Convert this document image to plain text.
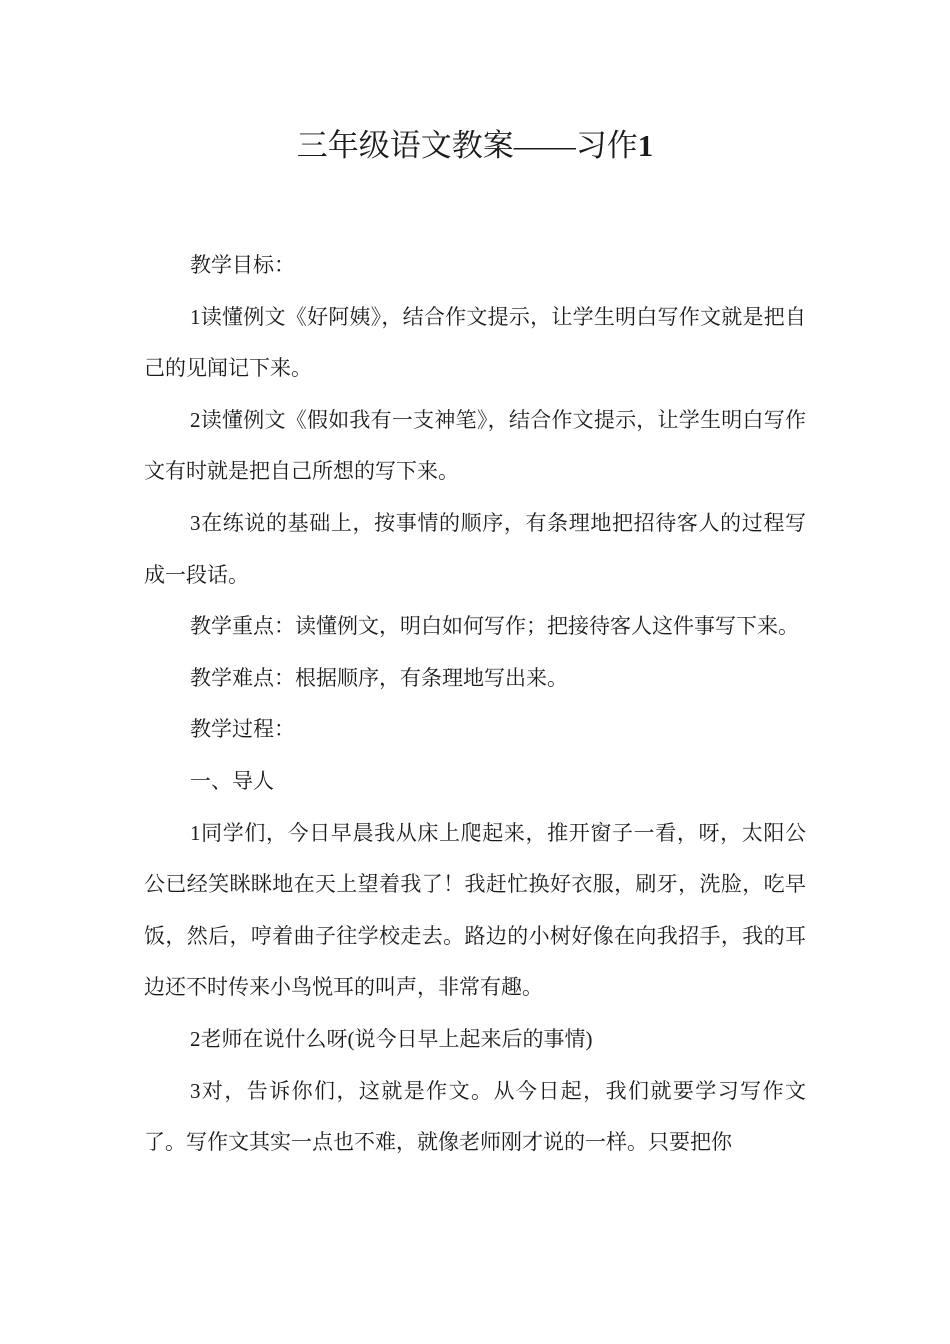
三年级语文教案——习作1

教学目标：

1读懂例文《好阿姨》，结合作文提示，让学生明白写作文就是把自己的见闻记下来。

2读懂例文《假如我有一支神笔》，结合作文提示，让学生明白写作文有时就是把自己所想的写下来。

3在练说的基础上，按事情的顺序，有条理地把招待客人的过程写成一段话。

教学重点：读懂例文，明白如何写作；把接待客人这件事写下来。

教学难点：根据顺序，有条理地写出来。

教学过程：

一、导人

1同学们，今日早晨我从床上爬起来，推开窗子一看，呀，太阳公公已经笑眯眯地在天上望着我了！我赶忙换好衣服，刷牙，洗脸，吃早饭，然后，哼着曲子往学校走去。路边的小树好像在向我招手，我的耳边还不时传来小鸟悦耳的叫声，非常有趣。

2老师在说什么呀(说今日早上起来后的事情)

3对，告诉你们，这就是作文。从今日起，我们就要学习写作文了。写作文其实一点也不难，就像老师刚才说的一样。只要把你
